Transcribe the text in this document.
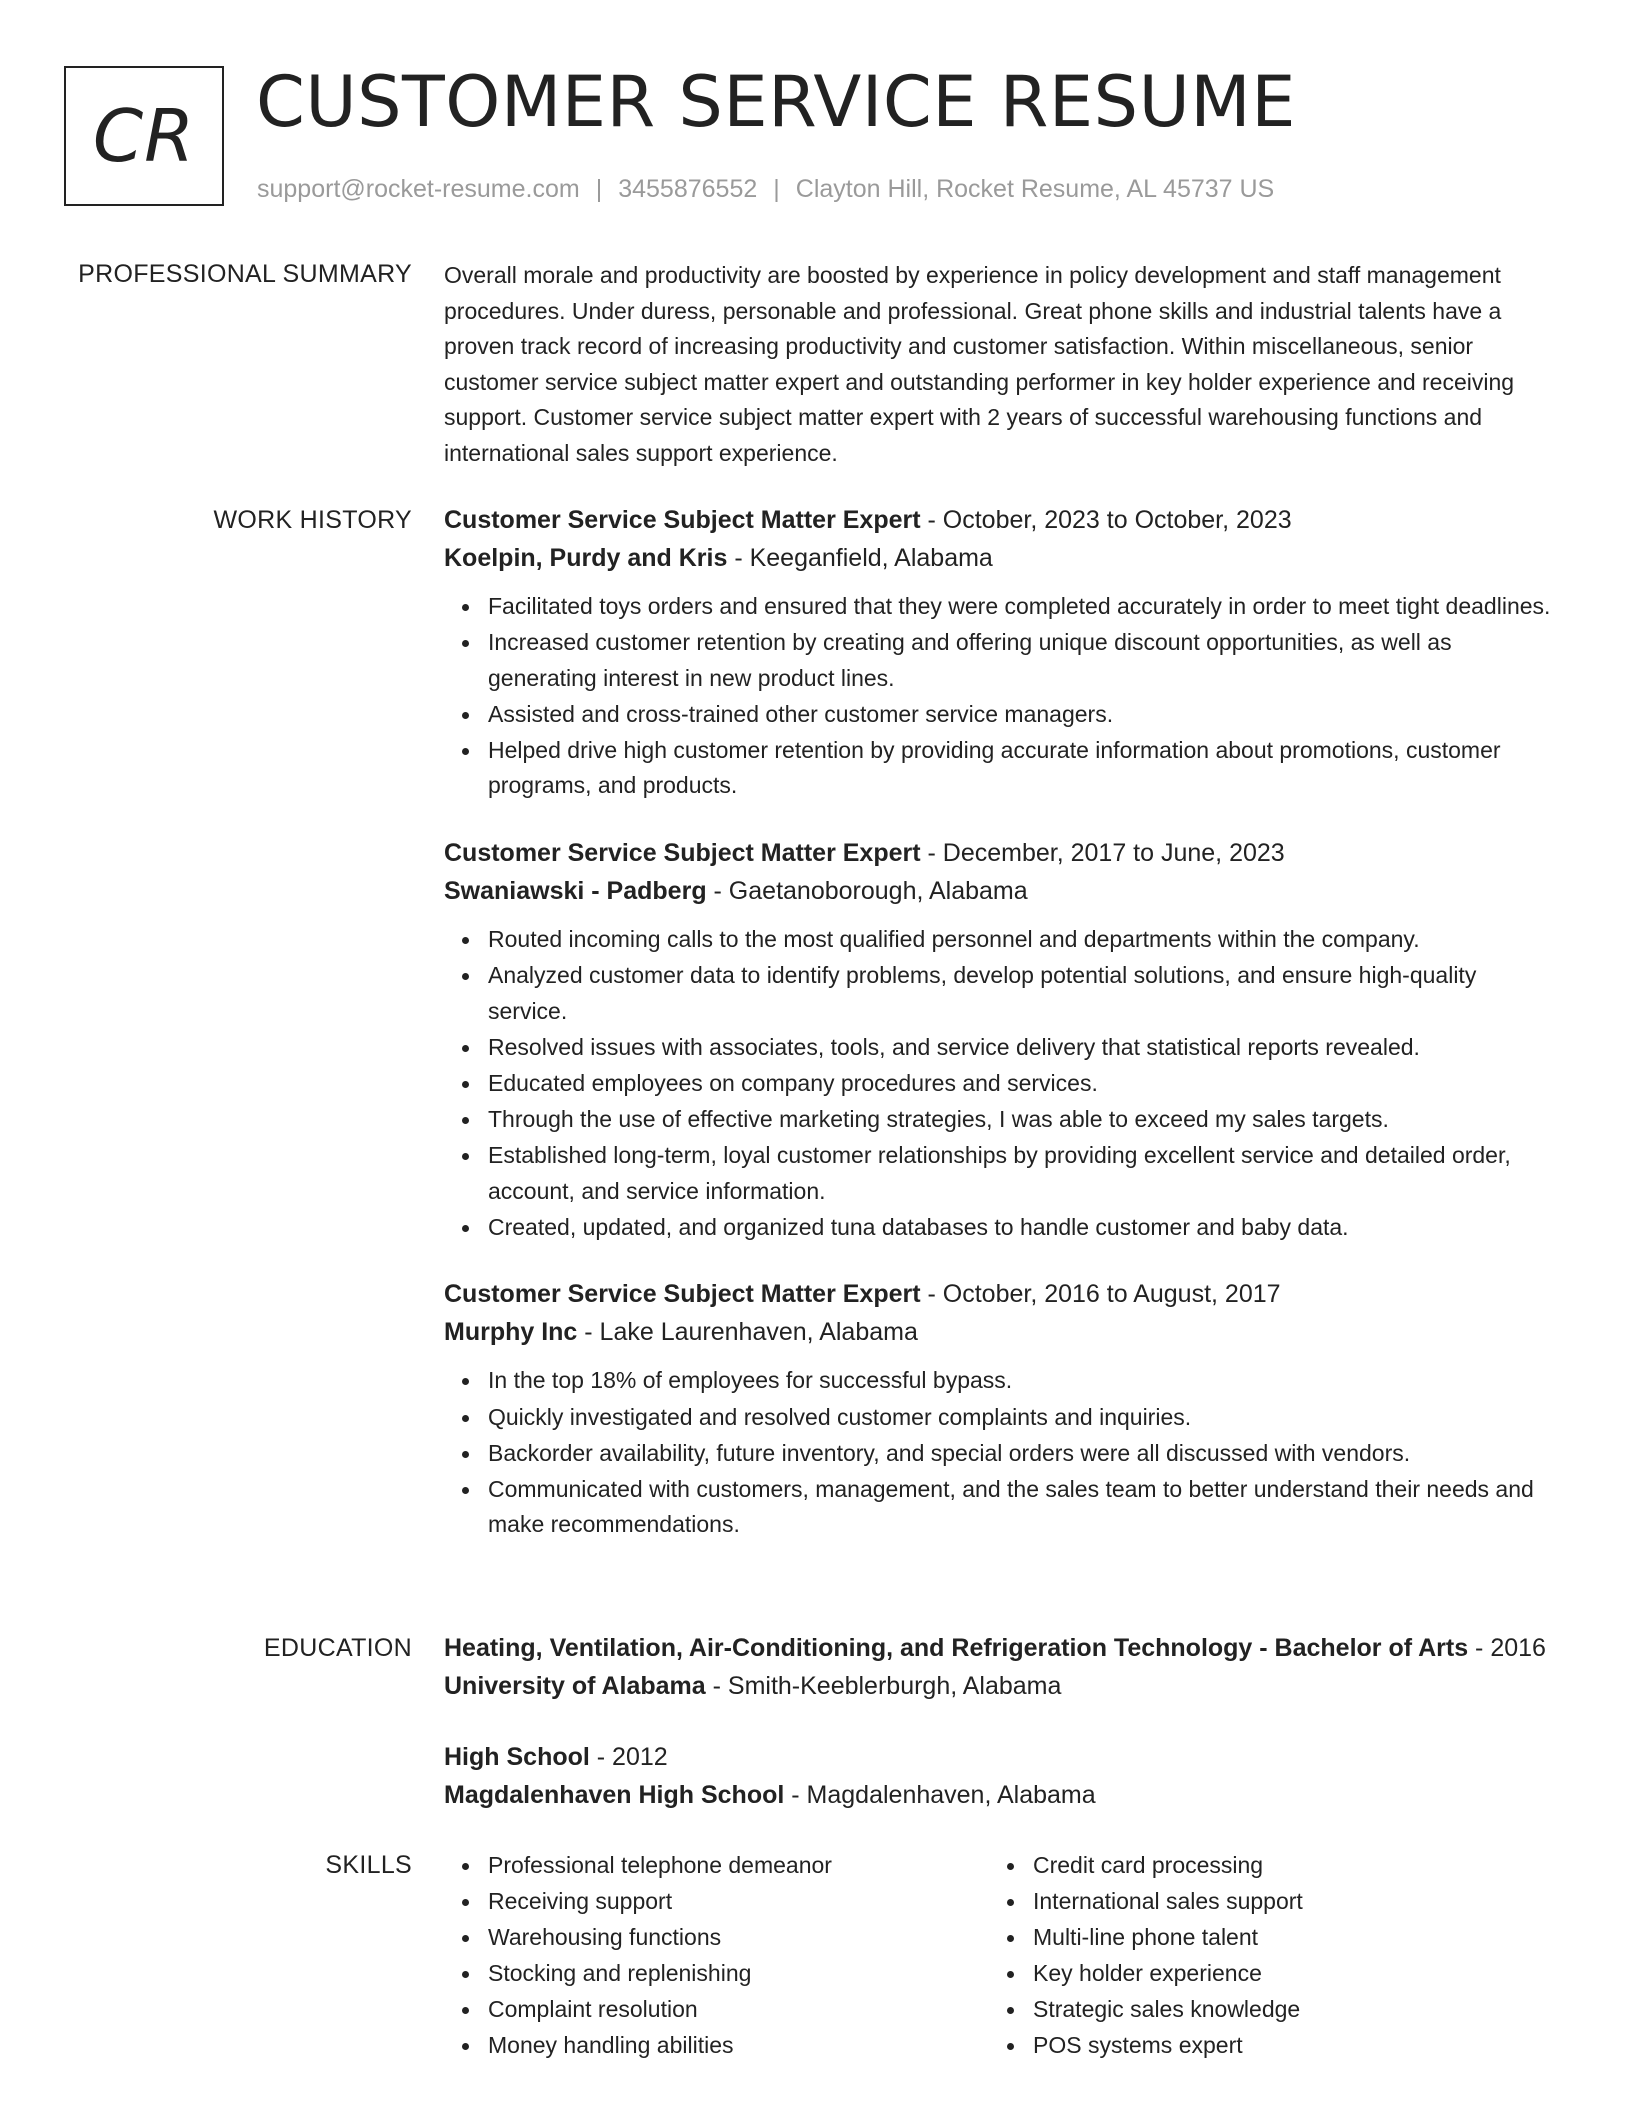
CR CUSTOMER SERVICE RESUME
support@rocket-resume.com | 3455876552 | Clayton Hill, Rocket Resume, AL 45737 US
PROFESSIONAL SUMMARY Overall morale and productivity are boosted by experience in policy development and staff management procedures. Under duress, personable and professional. Great phone skills and industrial talents have a proven track record of increasing productivity and customer satisfaction. Within miscellaneous, senior customer service subject matter expert and outstanding performer in key holder experience and receiving support. Customer service subject matter expert with 2 years of successful warehousing functions and international sales support experience.

WORK HISTORY Customer Service Subject Matter Expert - October, 2023 to October, 2023
Koelpin, Purdy and Kris - Keeganfield, Alabama
Facilitated toys orders and ensured that they were completed accurately in order to meet tight deadlines.
Increased customer retention by creating and offering unique discount opportunities, as well as generating interest in new product lines.
Assisted and cross-trained other customer service managers.
Helped drive high customer retention by providing accurate information about promotions, customer programs, and products.
Customer Service Subject Matter Expert - December, 2017 to June, 2023
Swaniawski - Padberg - Gaetanoborough, Alabama
Routed incoming calls to the most qualified personnel and departments within the company.
Analyzed customer data to identify problems, develop potential solutions, and ensure high-quality service.
Resolved issues with associates, tools, and service delivery that statistical reports revealed.
Educated employees on company procedures and services.
Through the use of effective marketing strategies, I was able to exceed my sales targets.
Established long-term, loyal customer relationships by providing excellent service and detailed order, account, and service information.
Created, updated, and organized tuna databases to handle customer and baby data.
Customer Service Subject Matter Expert - October, 2016 to August, 2017
Murphy Inc - Lake Laurenhaven, Alabama
In the top 18% of employees for successful bypass.
Quickly investigated and resolved customer complaints and inquiries.
Backorder availability, future inventory, and special orders were all discussed with vendors.
Communicated with customers, management, and the sales team to better understand their needs and make recommendations.
EDUCATION Heating, Ventilation, Air-Conditioning, and Refrigeration Technology - Bachelor of Arts - 2016
University of Alabama - Smith-Keeblerburgh, Alabama
High School - 2012
Magdalenhaven High School - Magdalenhaven, Alabama
SKILLS	Professional telephone demeanor
Receiving support
Warehousing functions
Stocking and replenishing
Complaint resolution
Money handling abilities
Credit card processing
International sales support
Multi-line phone talent
Key holder experience
Strategic sales knowledge
POS systems expert
